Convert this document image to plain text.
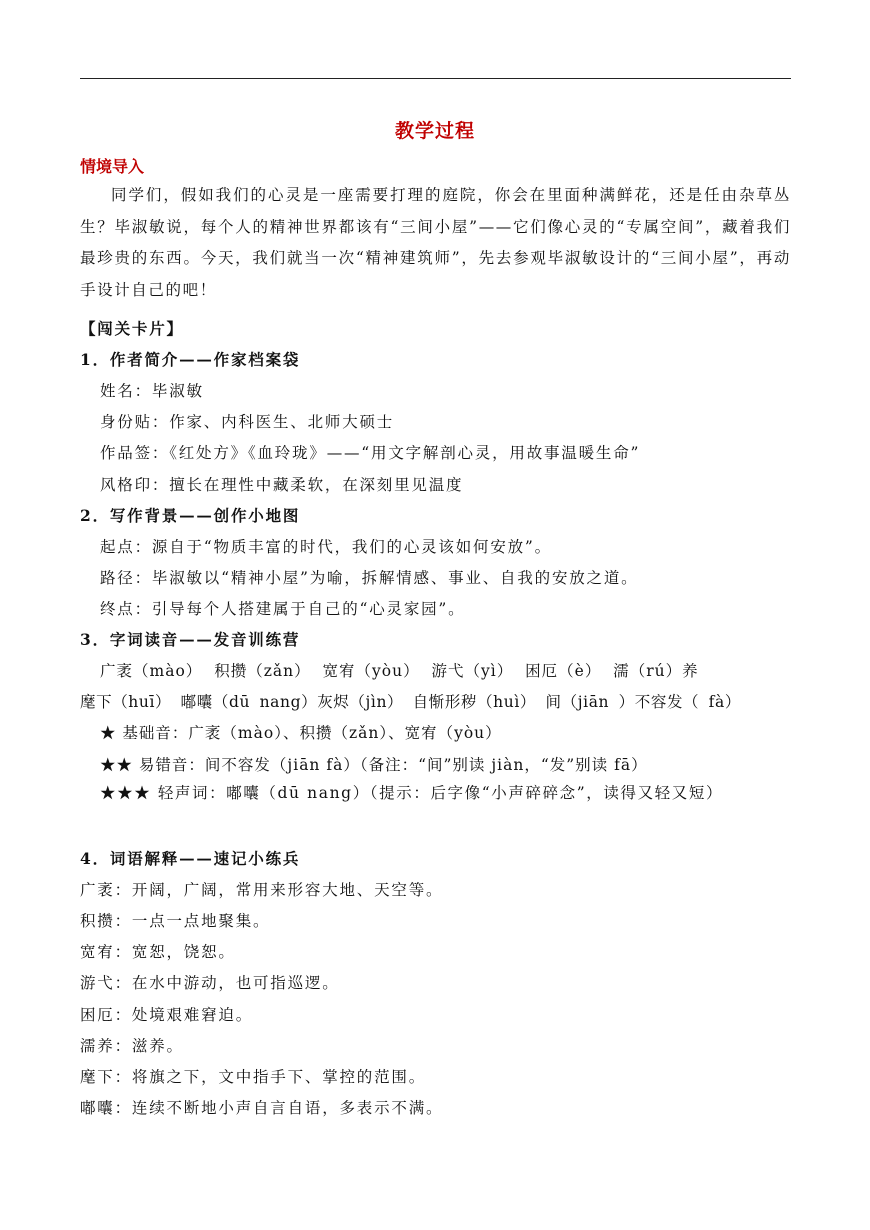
教学过程
情境导入
同学们，假如我们的心灵是一座需要打理的庭院，你会在里面种满鲜花，还是任由杂草丛生？毕淑敏说，每个人的精神世界都该有“三间小屋”——它们像心灵的“专属空间”，藏着我们最珍贵的东西。今天，我们就当一次“精神建筑师”，先去参观毕淑敏设计的“三间小屋”，再动手设计自己的吧！
【闯关卡片】
1．作者简介——作家档案袋
姓名：毕淑敏
身份贴：作家、内科医生、北师大硕士
作品签：《红处方》《血玲珑》——“用文字解剖心灵，用故事温暖生命”
风格印：擅长在理性中藏柔软，在深刻里见温度
2．写作背景——创作小地图
起点：源自于“物质丰富的时代，我们的心灵该如何安放”。
路径：毕淑敏以“精神小屋”为喻，拆解情感、事业、自我的安放之道。
终点：引导每个人搭建属于自己的“心灵家园”。
3．字词读音——发音训练营
广袤（mào） 积攒（zǎn） 宽宥（yòu） 游弋（yì） 困厄（è） 濡（rú）养
麾下（huī） 嘟囔（dū nang）灰烬（jìn） 自惭形秽（huì） 间（jiān ）不容发（ fà）
★ 基础音：广袤（mào）、积攒（zǎn）、宽宥（yòu）
★★ 易错音：间不容发（jiān fà）（备注：“间”别读 jiàn，“发”别读 fā）
★★★ 轻声词：嘟囔（dū nang）（提示：后字像“小声碎碎念”，读得又轻又短）
4．词语解释——速记小练兵
广袤：开阔，广阔，常用来形容大地、天空等。
积攒：一点一点地聚集。
宽宥：宽恕，饶恕。
游弋：在水中游动，也可指巡逻。
困厄：处境艰难窘迫。
濡养：滋养。
麾下：将旗之下，文中指手下、掌控的范围。
嘟囔：连续不断地小声自言自语，多表示不满。
